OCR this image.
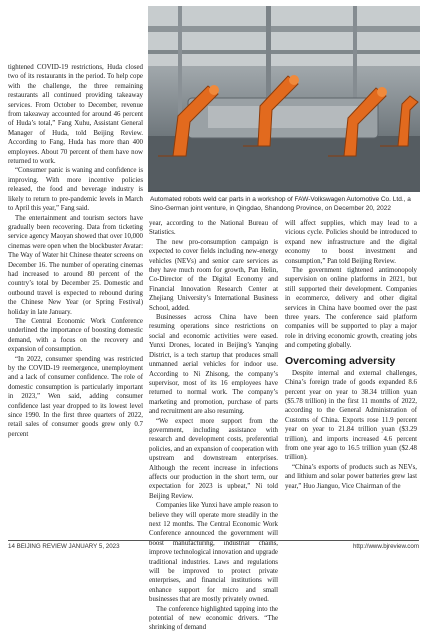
Automated robots weld car parts in a workshop of FAW-Volkswagen Automotive Co. Ltd., a Sino-German joint venture, in Qingdao, Shandong Province, on December 20, 2022

tightened COVID-19 restrictions, Huda closed two of its restaurants in the period. To help cope with the challenge, the three remaining restaurants all continued providing takeaway services. From October to December, revenue from takeaway accounted for around 46 percent of Huda’s total,” Fang Xuhu, Assistant General Manager of Huda, told Beijing Review. According to Fang, Huda has more than 400 employees. About 70 percent of them have now returned to work.

“Consumer panic is waning and confidence is improving. With more incentive policies released, the food and beverage industry is likely to return to pre-pandemic levels in March to April this year,” Fang said.

The entertainment and tourism sectors have gradually been recovering. Data from ticketing service agency Maoyan showed that over 10,000 cinemas were open when the blockbuster Avatar: The Way of Water hit Chinese theater screens on December 16. The number of operating cinemas had increased to around 80 percent of the country’s total by December 25. Domestic and outbound travel is expected to rebound during the Chinese New Year (or Spring Festival) holiday in late January.

The Central Economic Work Conference underlined the importance of boosting domestic demand, with a focus on the recovery and expansion of consumption.

“In 2022, consumer spending was restricted by the COVID-19 reemergence, unemployment and a lack of consumer confidence. The role of domestic consumption is particularly important in 2023,” Wen said, adding consumer confidence last year dropped to its lowest level since 1990. In the first three quarters of 2022, retail sales of consumer goods grew only 0.7 percent

year, according to the National Bureau of Statistics.

The new pro-consumption campaign is expected to cover fields including new-energy vehicles (NEVs) and senior care services as they have much room for growth, Pan Helin, Co-Director of the Digital Economy and Financial Innovation Research Center at Zhejiang University’s International Business School, added.

Businesses across China have been resuming operations since restrictions on social and economic activities were eased. Yunxi Drones, located in Beijing’s Yanqing District, is a tech startup that produces small unmanned aerial vehicles for indoor use. According to Ni Zhisong, the company’s supervisor, most of its 16 employees have returned to normal work. The company’s marketing and promotion, purchase of parts and recruitment are also resuming.

“We expect more support from the government, including assistance with research and development costs, preferential policies, and an expansion of cooperation with upstream and downstream enterprises. Although the recent increase in infections affects our production in the short term, our expectation for 2023 is upbeat,” Ni told Beijing Review.

Companies like Yunxi have ample reason to believe they will operate more steadily in the next 12 months. The Central Economic Work Conference announced the government will boost manufacturing, industrial chains, improve technological innovation and upgrade traditional industries. Laws and regulations will be improved to protect private enterprises, and financial institutions will enhance support for micro and small businesses that are mostly privately owned.

The conference highlighted tapping into the potential of new economic drivers. “The shrinking of demand

will affect supplies, which may lead to a vicious cycle. Policies should be introduced to expand new infrastructure and the digital economy to boost investment and consumption,” Pan told Beijing Review.

The government tightened antimonopoly supervision on online platforms in 2021, but still supported their development. Companies in ecommerce, delivery and other digital services in China have boomed over the past three years. The conference said platform companies will be supported to play a major role in driving economic growth, creating jobs and competing globally.

Overcoming adversity

Despite internal and external challenges, China’s foreign trade of goods expanded 8.6 percent year on year to 38.34 trillion yuan ($5.78 trillion) in the first 11 months of 2022, according to the General Administration of Customs of China. Exports rose 11.9 percent year on year to 21.84 trillion yuan ($3.29 trillion), and imports increased 4.6 percent from one year ago to 16.5 trillion yuan ($2.48 trillion).

“China’s exports of products such as NEVs, and lithium and solar power batteries grew last year,” Huo Jianguo, Vice Chairman of the

14 BEIJING REVIEW JANUARY 5, 2023	http://www.bjreview.com
